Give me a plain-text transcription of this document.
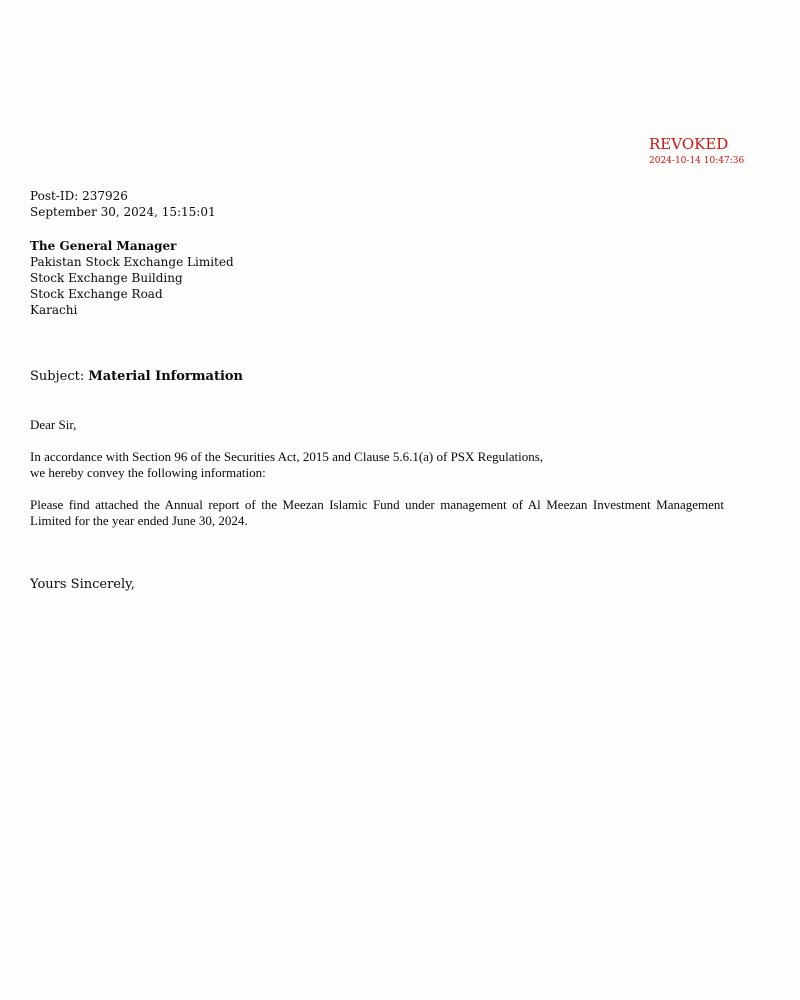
REVOKED
2024-10-14 10:47:36
Post-ID: 237926
September 30, 2024, 15:15:01
The General Manager
Pakistan Stock Exchange Limited
Stock Exchange Building
Stock Exchange Road
Karachi
Subject: Material Information
Dear Sir,
In accordance with Section 96 of the Securities Act, 2015 and Clause 5.6.1(a) of PSX Regulations,
we hereby convey the following information:
Please find attached the Annual report of the Meezan Islamic Fund under management of Al Meezan Investment Management Limited for the year ended June 30, 2024.
Yours Sincerely,
